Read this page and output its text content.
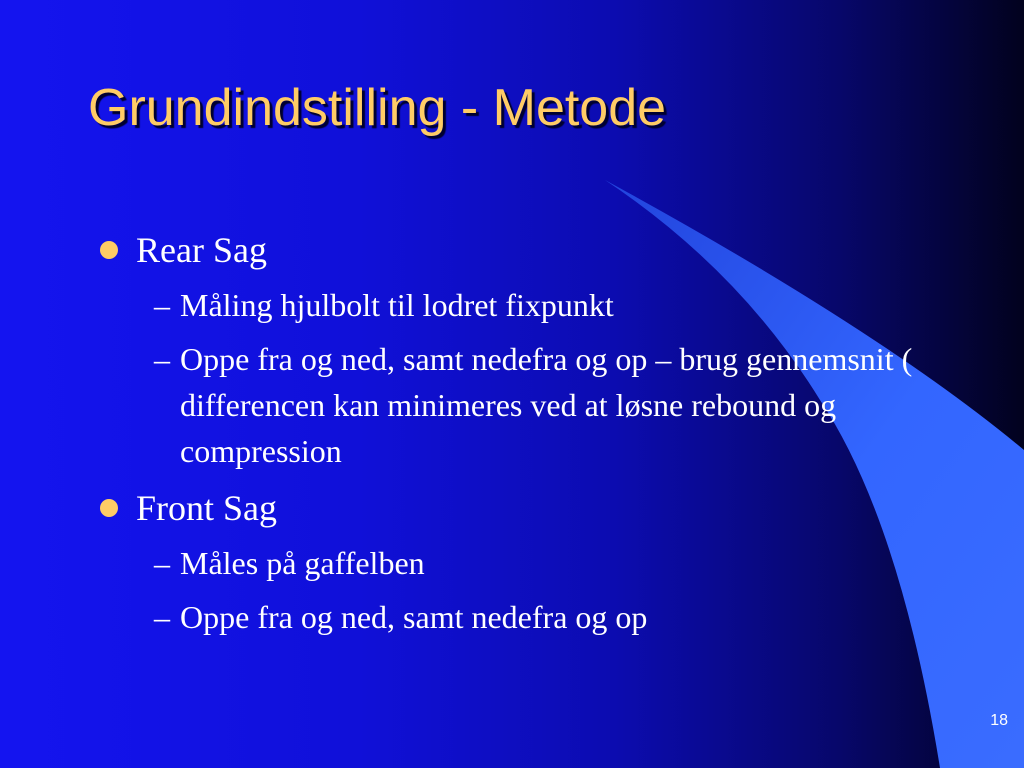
Grundindstilling - Metode
Rear Sag
– Måling hjulbolt til lodret fixpunkt
– Oppe fra og ned, samt nedefra og op – brug gennemsnit ( differencen kan minimeres ved at løsne rebound og compression
Front Sag
– Måles på gaffelben
– Oppe fra og ned, samt nedefra og op
18
